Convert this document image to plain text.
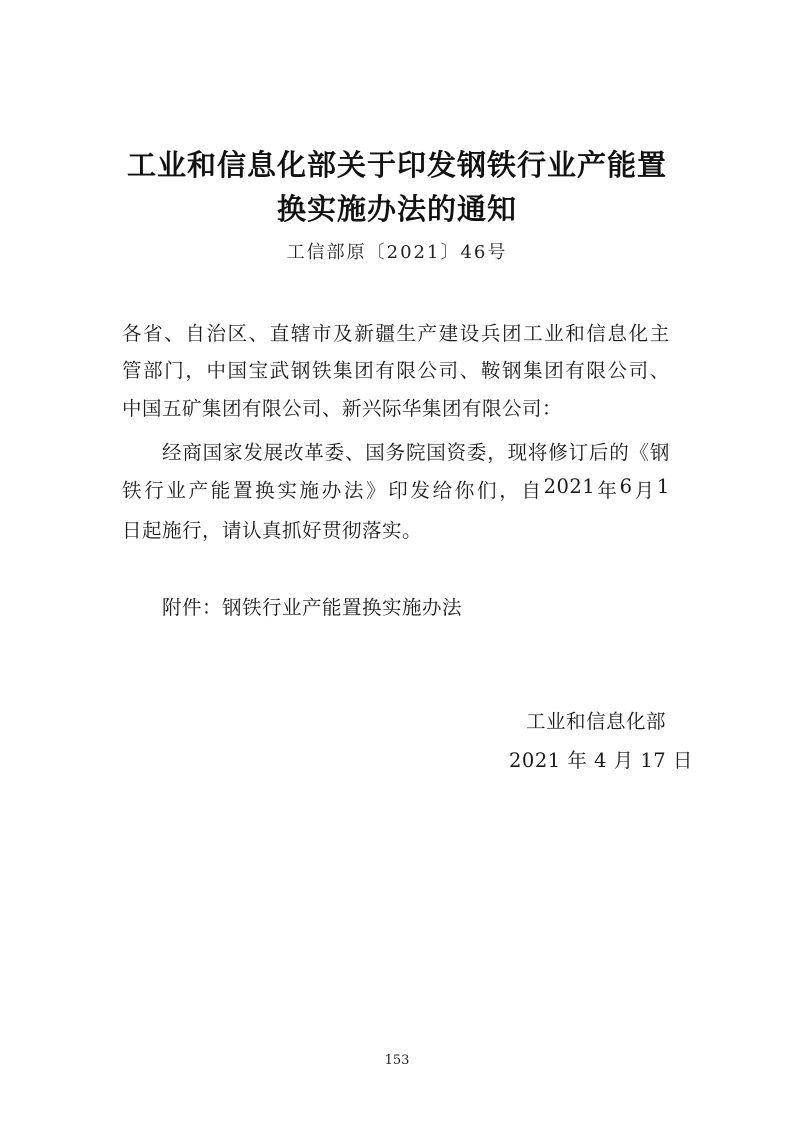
工业和信息化部关于印发钢铁行业产能置
换实施办法的通知
工信部原〔2021〕46号
各 省 、 自 治 区 、 直 辖 市 及 新 疆 生 产 建 设 兵 团 工 业 和 信 息 化 主
管 部 门 ， 中 国 宝 武 钢 铁 集 团 有 限 公 司 、 鞍 钢 集 团 有 限 公 司 、
中国五矿集团有限公司、新兴际华集团有限公司：
经 商 国 家 发 展 改 革 委 、 国 务 院 国 资 委 ， 现 将 修 订 后 的 《 钢
铁 行 业 产 能 置 换 实 施 办 法 》 印 发 给 你 们 ， 自 2021 年 6 月 1
日起施行，请认真抓好贯彻落实。
附件：钢铁行业产能置换实施办法
工业和信息化部
2021 年 4 月 17 日
153
